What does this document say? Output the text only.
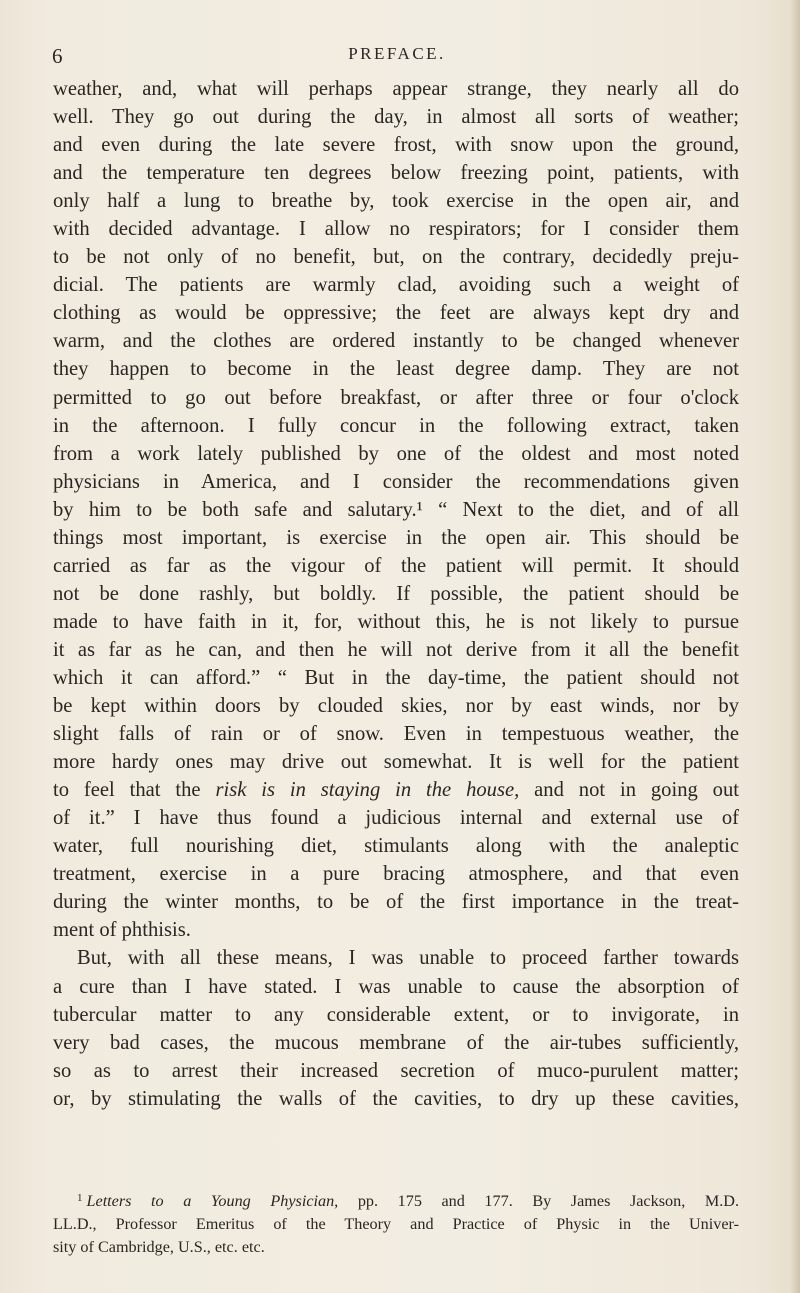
6	PREFACE.
weather, and, what will perhaps appear strange, they nearly all do
well. They go out during the day, in almost all sorts of weather;
and even during the late severe frost, with snow upon the ground,
and the temperature ten degrees below freezing point, patients, with
only half a lung to breathe by, took exercise in the open air, and
with decided advantage. I allow no respirators; for I consider them
to be not only of no benefit, but, on the contrary, decidedly preju-
dicial. The patients are warmly clad, avoiding such a weight of
clothing as would be oppressive; the feet are always kept dry and
warm, and the clothes are ordered instantly to be changed whenever
they happen to become in the least degree damp. They are not
permitted to go out before breakfast, or after three or four o'clock
in the afternoon. I fully concur in the following extract, taken
from a work lately published by one of the oldest and most noted
physicians in America, and I consider the recommendations given
by him to be both safe and salutary.¹ “ Next to the diet, and of all
things most important, is exercise in the open air. This should be
carried as far as the vigour of the patient will permit. It should
not be done rashly, but boldly. If possible, the patient should be
made to have faith in it, for, without this, he is not likely to pursue
it as far as he can, and then he will not derive from it all the benefit
which it can afford.” “ But in the day-time, the patient should not
be kept within doors by clouded skies, nor by east winds, nor by
slight falls of rain or of snow. Even in tempestuous weather, the
more hardy ones may drive out somewhat. It is well for the patient
to feel that the risk is in staying in the house, and not in going out
of it.” I have thus found a judicious internal and external use of
water, full nourishing diet, stimulants along with the analeptic
treatment, exercise in a pure bracing atmosphere, and that even
during the winter months, to be of the first importance in the treat-
ment of phthisis.
But, with all these means, I was unable to proceed farther towards
a cure than I have stated. I was unable to cause the absorption of
tubercular matter to any considerable extent, or to invigorate, in
very bad cases, the mucous membrane of the air-tubes sufficiently,
so as to arrest their increased secretion of muco-purulent matter;
or, by stimulating the walls of the cavities, to dry up these cavities,
$^1$ Letters to a Young Physician, pp. 175 and 177. By James Jackson, M.D.
LL.D., Professor Emeritus of the Theory and Practice of Physic in the Univer-
sity of Cambridge, U.S., etc. etc.
